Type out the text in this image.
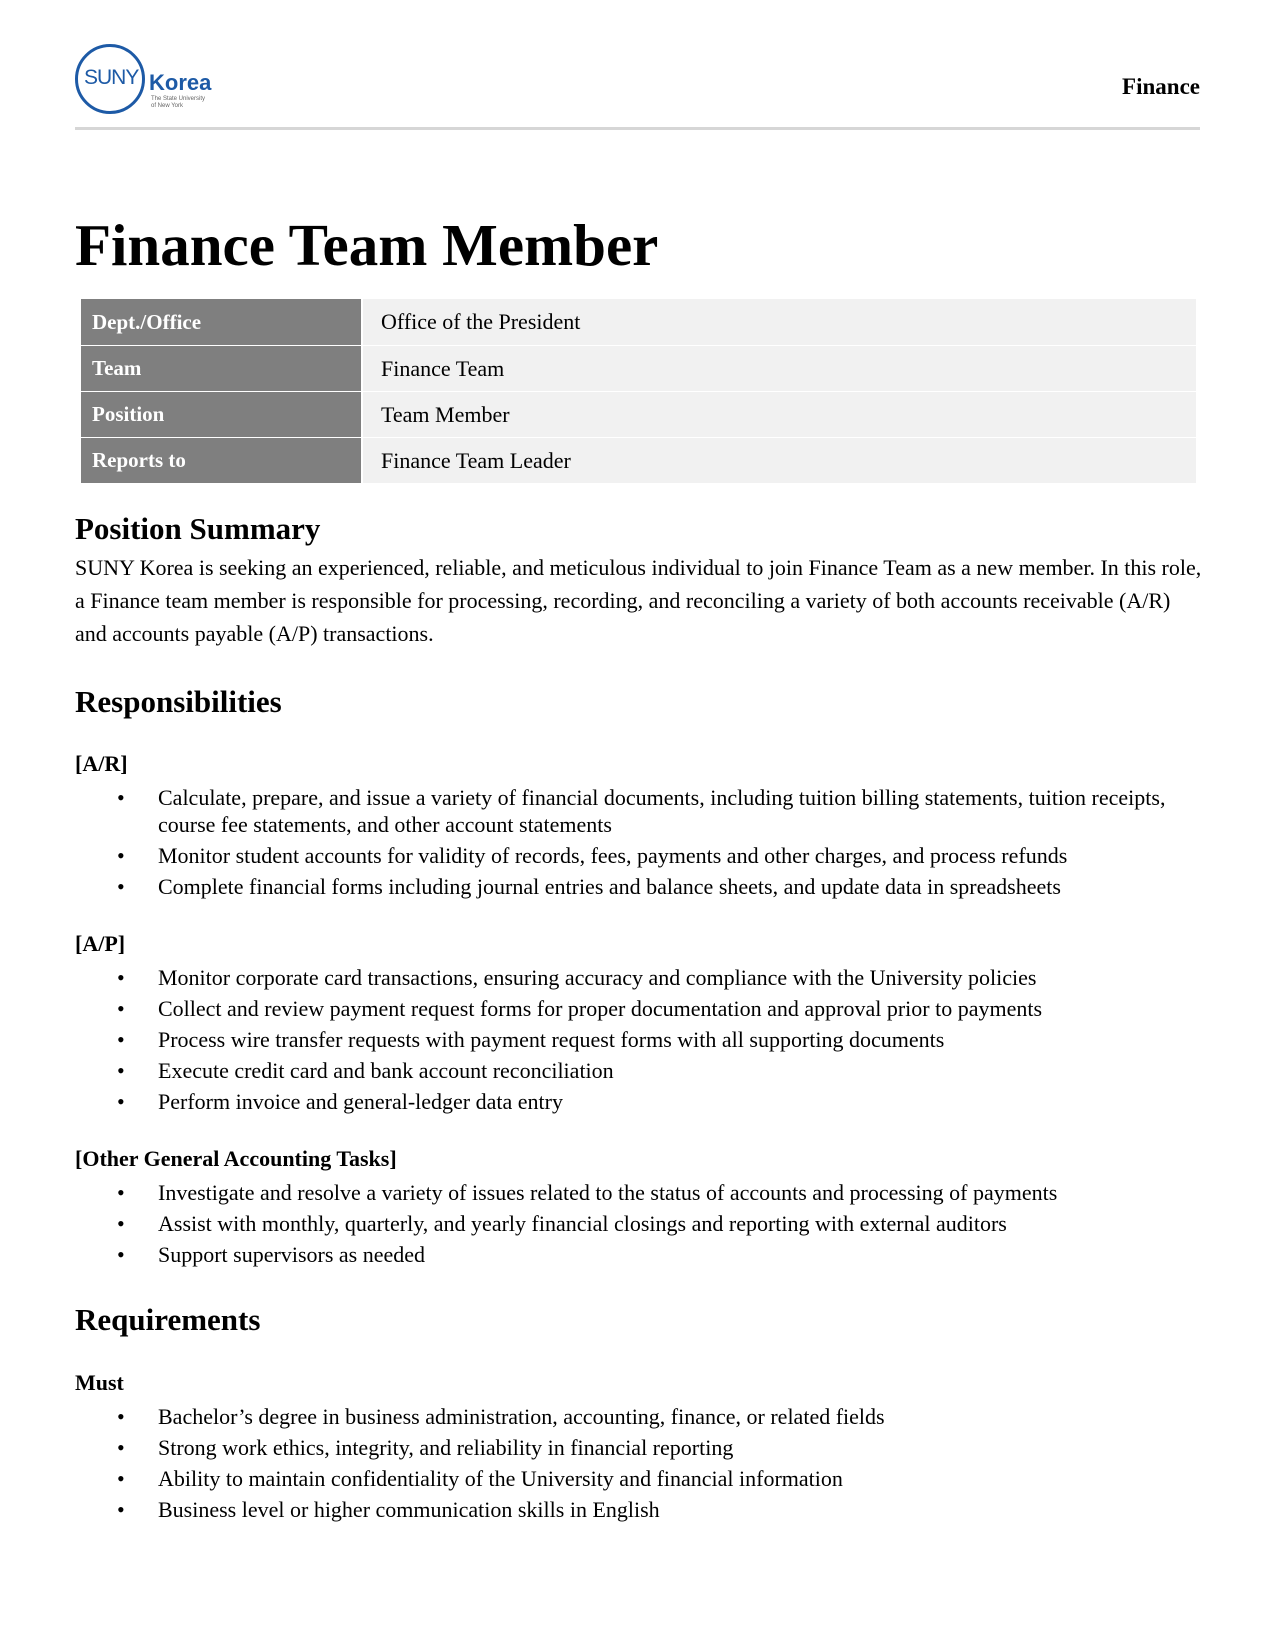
SUNY Korea
The State University
of New York
Finance
Finance Team Member
Dept./Office	Office of the President
Team	Finance Team
Position	Team Member
Reports to	Finance Team Leader
Position Summary

SUNY Korea is seeking an experienced, reliable, and meticulous individual to join Finance Team as a new member. In this role, a Finance team member is responsible for processing, recording, and reconciling a variety of both accounts receivable (A/R) and accounts payable (A/P) transactions.

Responsibilities
[A/R]
• Calculate, prepare, and issue a variety of financial documents, including tuition billing statements, tuition receipts, course fee statements, and other account statements
• Monitor student accounts for validity of records, fees, payments and other charges, and process refunds
• Complete financial forms including journal entries and balance sheets, and update data in spreadsheets
[A/P]
• Monitor corporate card transactions, ensuring accuracy and compliance with the University policies
• Collect and review payment request forms for proper documentation and approval prior to payments
• Process wire transfer requests with payment request forms with all supporting documents
• Execute credit card and bank account reconciliation
• Perform invoice and general-ledger data entry
[Other General Accounting Tasks]
• Investigate and resolve a variety of issues related to the status of accounts and processing of payments
• Assist with monthly, quarterly, and yearly financial closings and reporting with external auditors
• Support supervisors as needed
Requirements
Must
• Bachelor’s degree in business administration, accounting, finance, or related fields
• Strong work ethics, integrity, and reliability in financial reporting
• Ability to maintain confidentiality of the University and financial information
• Business level or higher communication skills in English
